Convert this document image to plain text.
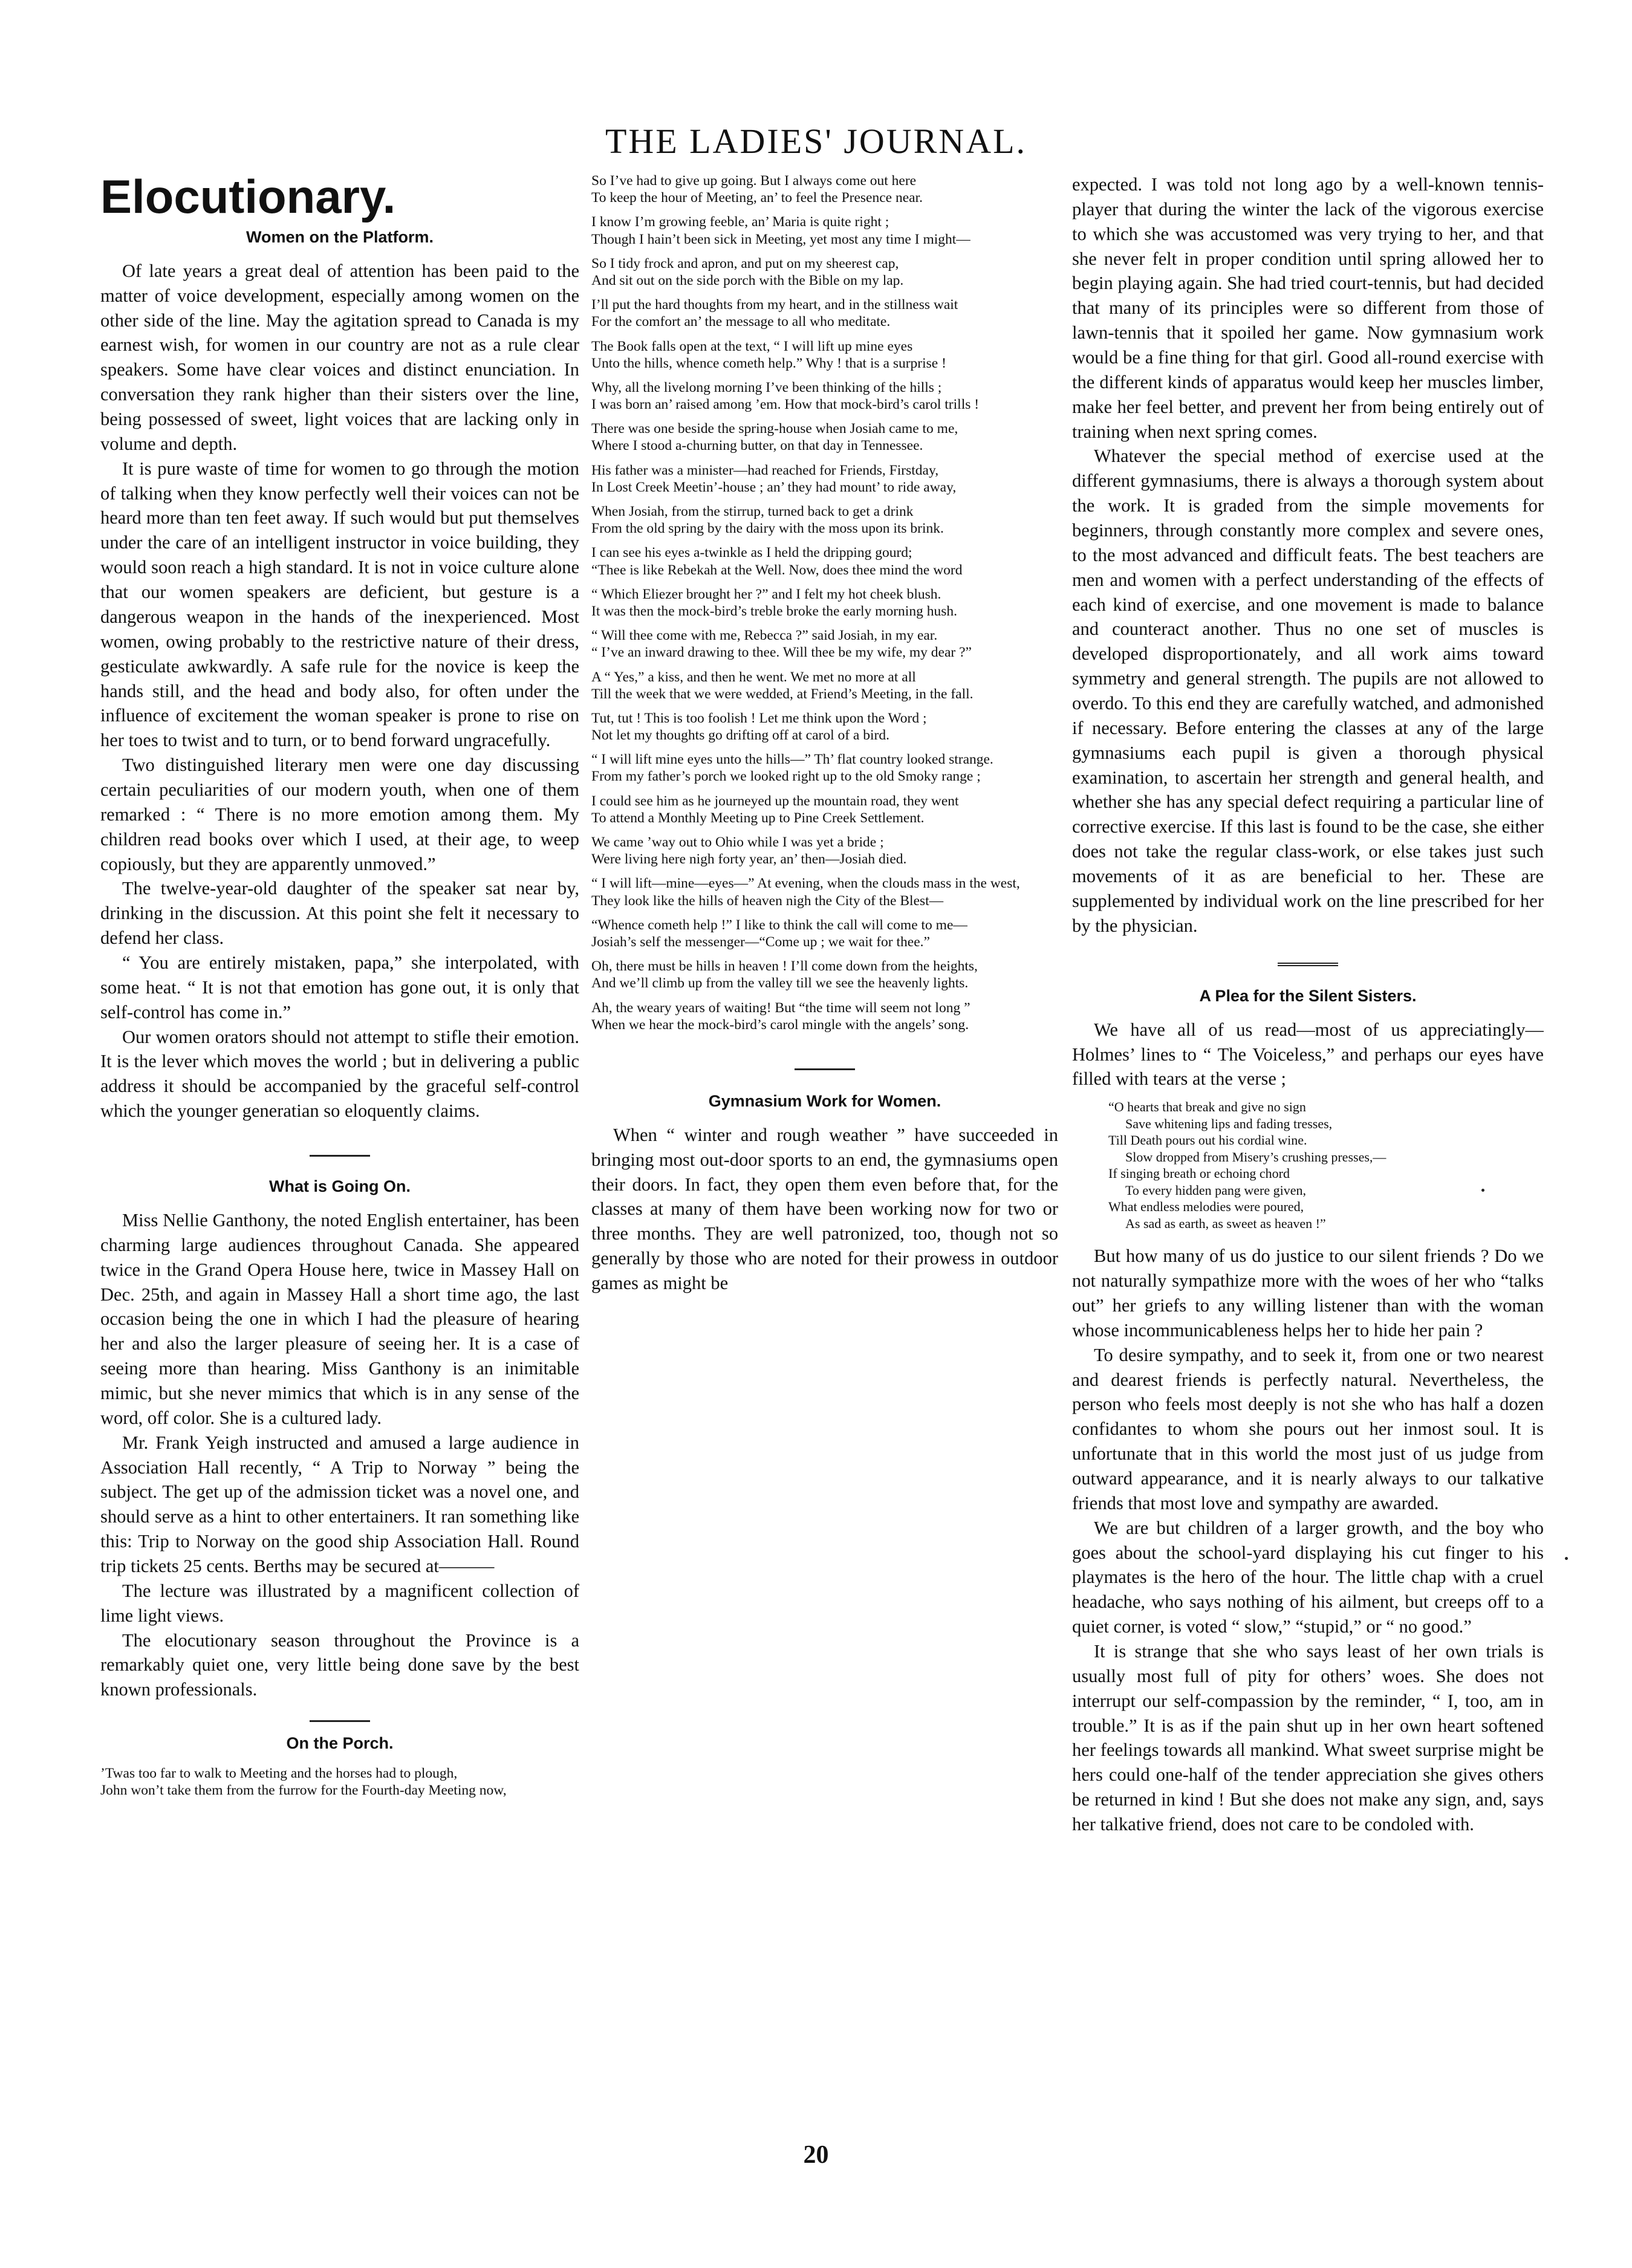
THE LADIES' JOURNAL.
Elocutionary.
Women on the Platform.

Of late years a great deal of attention has been paid to the matter of voice development, especially among women on the other side of the line. May the agitation spread to Canada is my earnest wish, for women in our country are not as a rule clear speakers. Some have clear voices and distinct enunciation. In conversation they rank higher than their sisters over the line, being possessed of sweet, light voices that are lacking only in volume and depth.

It is pure waste of time for women to go through the motion of talking when they know perfectly well their voices can not be heard more than ten feet away. If such would but put themselves under the care of an intelligent instructor in voice building, they would soon reach a high standard. It is not in voice culture alone that our women speakers are deficient, but gesture is a dangerous weapon in the hands of the inexperienced. Most women, owing probably to the restrictive nature of their dress, gesticulate awkwardly. A safe rule for the novice is keep the hands still, and the head and body also, for often under the influence of excitement the woman speaker is prone to rise on her toes to twist and to turn, or to bend forward ungracefully.

Two distinguished literary men were one day discussing certain peculiarities of our modern youth, when one of them remarked : “ There is no more emotion among them. My children read books over which I used, at their age, to weep copiously, but they are apparently unmoved.”

The twelve-year-old daughter of the speaker sat near by, drinking in the discussion. At this point she felt it necessary to defend her class.

“ You are entirely mistaken, papa,” she interpolated, with some heat. “ It is not that emotion has gone out, it is only that self-control has come in.”

Our women orators should not attempt to stifle their emotion. It is the lever which moves the world ; but in delivering a public address it should be accompanied by the graceful self-control which the younger generatian so eloquently claims.

What is Going On.

Miss Nellie Ganthony, the noted English entertainer, has been charming large audiences throughout Canada. She appeared twice in the Grand Opera House here, twice in Massey Hall on Dec. 25th, and again in Massey Hall a short time ago, the last occasion being the one in which I had the pleasure of hearing her and also the larger pleasure of seeing her. It is a case of seeing more than hearing. Miss Ganthony is an inimitable mimic, but she never mimics that which is in any sense of the word, off color. She is a cultured lady.

Mr. Frank Yeigh instructed and amused a large audience in Association Hall recently, “ A Trip to Norway ” being the subject. The get up of the admission ticket was a novel one, and should serve as a hint to other entertainers. It ran something like this: Trip to Norway on the good ship Association Hall. Round trip tickets 25 cents. Berths may be secured at———

The lecture was illustrated by a magnificent collection of lime light views.

The elocutionary season throughout the Province is a remarkably quiet one, very little being done save by the best known professionals.

On the Porch.
’Twas too far to walk to Meeting and the horses had to plough,
John won’t take them from the furrow for the Fourth-day Meeting now,
So I’ve had to give up going. But I always come out here
To keep the hour of Meeting, an’ to feel the Presence near.
I know I’m growing feeble, an’ Maria is quite right ;
Though I hain’t been sick in Meeting, yet most any time I might—
So I tidy frock and apron, and put on my sheerest cap,
And sit out on the side porch with the Bible on my lap.
I’ll put the hard thoughts from my heart, and in the stillness wait
For the comfort an’ the message to all who meditate.
The Book falls open at the text, “ I will lift up mine eyes
Unto the hills, whence cometh help.” Why ! that is a surprise !
Why, all the livelong morning I’ve been thinking of the hills ;
I was born an’ raised among ’em. How that mock-bird’s carol trills !
There was one beside the spring-house when Josiah came to me,
Where I stood a-churning butter, on that day in Tennessee.
His father was a minister—had reached for Friends, Firstday,
In Lost Creek Meetin’-house ; an’ they had mount’ to ride away,
When Josiah, from the stirrup, turned back to get a drink
From the old spring by the dairy with the moss upon its brink.
I can see his eyes a-twinkle as I held the dripping gourd;
“Thee is like Rebekah at the Well. Now, does thee mind the word
“ Which Eliezer brought her ?” and I felt my hot cheek blush.
It was then the mock-bird’s treble broke the early morning hush.
“ Will thee come with me, Rebecca ?” said Josiah, in my ear.
“ I’ve an inward drawing to thee. Will thee be my wife, my dear ?”
A “ Yes,” a kiss, and then he went. We met no more at all
Till the week that we were wedded, at Friend’s Meeting, in the fall.
Tut, tut ! This is too foolish ! Let me think upon the Word ;
Not let my thoughts go drifting off at carol of a bird.
“ I will lift mine eyes unto the hills—” Th’ flat country looked strange.
From my father’s porch we looked right up to the old Smoky range ;
I could see him as he journeyed up the mountain road, they went
To attend a Monthly Meeting up to Pine Creek Settlement.
We came ’way out to Ohio while I was yet a bride ;
Were living here nigh forty year, an’ then—Josiah died.
“ I will lift—mine—eyes—” At evening, when the clouds mass in the west,
They look like the hills of heaven nigh the City of the Blest—
“Whence cometh help !” I like to think the call will come to me—
Josiah’s self the messenger—“Come up ; we wait for thee.”
Oh, there must be hills in heaven ! I’ll come down from the heights,
And we’ll climb up from the valley till we see the heavenly lights.
Ah, the weary years of waiting! But “the time will seem not long ”
When we hear the mock-bird’s carol mingle with the angels’ song.
Gymnasium Work for Women.

When “ winter and rough weather ” have succeeded in bringing most out-door sports to an end, the gymnasiums open their doors. In fact, they open them even before that, for the classes at many of them have been working now for two or three months. They are well patronized, too, though not so generally by those who are noted for their prowess in outdoor games as might be

expected. I was told not long ago by a well-known tennis-player that during the winter the lack of the vigorous exercise to which she was accustomed was very trying to her, and that she never felt in proper condition until spring allowed her to begin playing again. She had tried court-tennis, but had decided that many of its principles were so different from those of lawn-tennis that it spoiled her game. Now gymnasium work would be a fine thing for that girl. Good all-round exercise with the different kinds of apparatus would keep her muscles limber, make her feel better, and prevent her from being entirely out of training when next spring comes.

Whatever the special method of exercise used at the different gymnasiums, there is always a thorough system about the work. It is graded from the simple movements for beginners, through constantly more complex and severe ones, to the most advanced and difficult feats. The best teachers are men and women with a perfect understanding of the effects of each kind of exercise, and one movement is made to balance and counteract another. Thus no one set of muscles is developed disproportionately, and all work aims toward symmetry and general strength. The pupils are not allowed to overdo. To this end they are carefully watched, and admonished if necessary. Before entering the classes at any of the large gymnasiums each pupil is given a thorough physical examination, to ascertain her strength and general health, and whether she has any special defect requiring a particular line of corrective exercise. If this last is found to be the case, she either does not take the regular class-work, or else takes just such movements of it as are beneficial to her. These are supplemented by individual work on the line prescribed for her by the physician.

A Plea for the Silent Sisters.

We have all of us read—most of us appreciatingly—Holmes’ lines to “ The Voiceless,” and perhaps our eyes have filled with tears at the verse ;

“O hearts that break and give no sign
Save whitening lips and fading tresses,
Till Death pours out his cordial wine.
Slow dropped from Misery’s crushing presses,—
If singing breath or echoing chord
To every hidden pang were given,
What endless melodies were poured,
As sad as earth, as sweet as heaven !”

But how many of us do justice to our silent friends ? Do we not naturally sympathize more with the woes of her who “talks out” her griefs to any willing listener than with the woman whose incommunicableness helps her to hide her pain ?

To desire sympathy, and to seek it, from one or two nearest and dearest friends is perfectly natural. Nevertheless, the person who feels most deeply is not she who has half a dozen confidantes to whom she pours out her inmost soul. It is unfortunate that in this world the most just of us judge from outward appearance, and it is nearly always to our talkative friends that most love and sympathy are awarded.

We are but children of a larger growth, and the boy who goes about the school-yard displaying his cut finger to his playmates is the hero of the hour. The little chap with a cruel headache, who says nothing of his ailment, but creeps off to a quiet corner, is voted “ slow,” “stupid,” or “ no good.”

It is strange that she who says least of her own trials is usually most full of pity for others’ woes. She does not interrupt our self-compassion by the reminder, “ I, too, am in trouble.” It is as if the pain shut up in her own heart softened her feelings towards all mankind. What sweet surprise might be hers could one-half of the tender appreciation she gives others be returned in kind ! But she does not make any sign, and, says her talkative friend, does not care to be condoled with.

20
